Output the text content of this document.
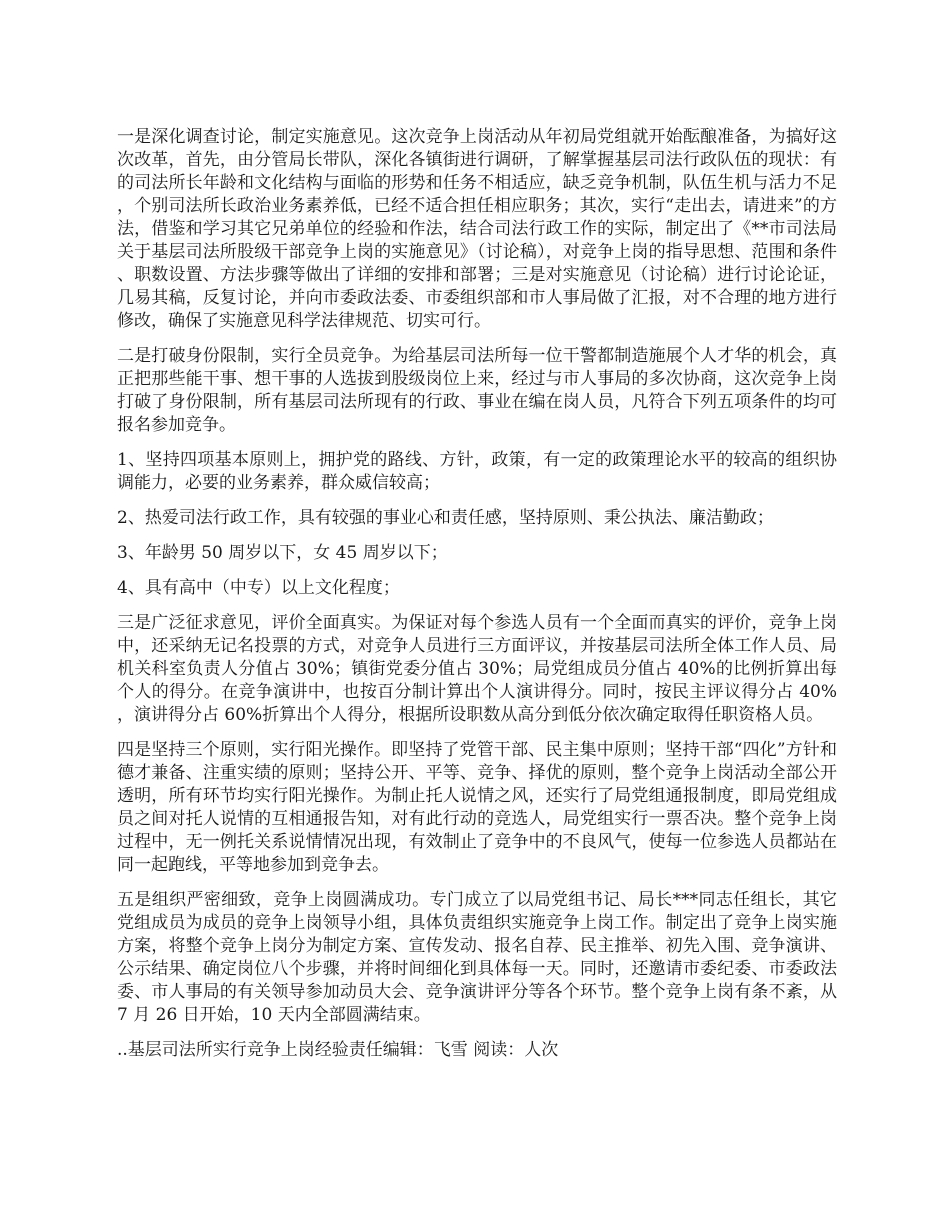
一是深化调查讨论，制定实施意见。这次竞争上岗活动从年初局党组就开始酝酿准备，为搞好这次改革，首先，由分管局长带队，深化各镇街进行调研，了解掌握基层司法行政队伍的现状：有的司法所长年龄和文化结构与面临的形势和任务不相适应，缺乏竞争机制，队伍生机与活力不足，个别司法所长政治业务素养低，已经不适合担任相应职务；其次，实行“走出去，请进来”的方法，借鉴和学习其它兄弟单位的经验和作法，结合司法行政工作的实际，制定出了《**市司法局关于基层司法所股级干部竞争上岗的实施意见》（讨论稿），对竞争上岗的指导思想、范围和条件、职数设置、方法步骤等做出了详细的安排和部署；三是对实施意见（讨论稿）进行讨论论证，几易其稿，反复讨论，并向市委政法委、市委组织部和市人事局做了汇报，对不合理的地方进行修改，确保了实施意见科学法律规范、切实可行。

二是打破身份限制，实行全员竞争。为给基层司法所每一位干警都制造施展个人才华的机会，真正把那些能干事、想干事的人选拔到股级岗位上来，经过与市人事局的多次协商，这次竞争上岗打破了身份限制，所有基层司法所现有的行政、事业在编在岗人员，凡符合下列五项条件的均可报名参加竞争。

1、坚持四项基本原则上，拥护党的路线、方针，政策，有一定的政策理论水平的较高的组织协调能力，必要的业务素养，群众威信较高；

2、热爱司法行政工作，具有较强的事业心和责任感，坚持原则、秉公执法、廉洁勤政；

3、年龄男 50 周岁以下，女 45 周岁以下；

4、具有高中（中专）以上文化程度；

三是广泛征求意见，评价全面真实。为保证对每个参选人员有一个全面而真实的评价，竞争上岗中，还采纳无记名投票的方式，对竞争人员进行三方面评议，并按基层司法所全体工作人员、局机关科室负责人分值占 30%；镇街党委分值占 30%；局党组成员分值占 40%的比例折算出每个人的得分。在竞争演讲中，也按百分制计算出个人演讲得分。同时，按民主评议得分占 40%，演讲得分占 60%折算出个人得分，根据所设职数从高分到低分依次确定取得任职资格人员。

四是坚持三个原则，实行阳光操作。即坚持了党管干部、民主集中原则；坚持干部“四化”方针和德才兼备、注重实绩的原则；坚持公开、平等、竞争、择优的原则，整个竞争上岗活动全部公开透明，所有环节均实行阳光操作。为制止托人说情之风，还实行了局党组通报制度，即局党组成员之间对托人说情的互相通报告知，对有此行动的竞选人，局党组实行一票否决。整个竞争上岗过程中，无一例托关系说情情况出现，有效制止了竞争中的不良风气，使每一位参选人员都站在同一起跑线，平等地参加到竞争去。

五是组织严密细致，竞争上岗圆满成功。专门成立了以局党组书记、局长***同志任组长，其它党组成员为成员的竞争上岗领导小组，具体负责组织实施竞争上岗工作。制定出了竞争上岗实施方案，将整个竞争上岗分为制定方案、宣传发动、报名自荐、民主推举、初先入围、竞争演讲、公示结果、确定岗位八个步骤，并将时间细化到具体每一天。同时，还邀请市委纪委、市委政法委、市人事局的有关领导参加动员大会、竞争演讲评分等各个环节。整个竞争上岗有条不紊，从 7 月 26 日开始，10 天内全部圆满结束。

..基层司法所实行竞争上岗经验责任编辑：飞雪 阅读：人次
